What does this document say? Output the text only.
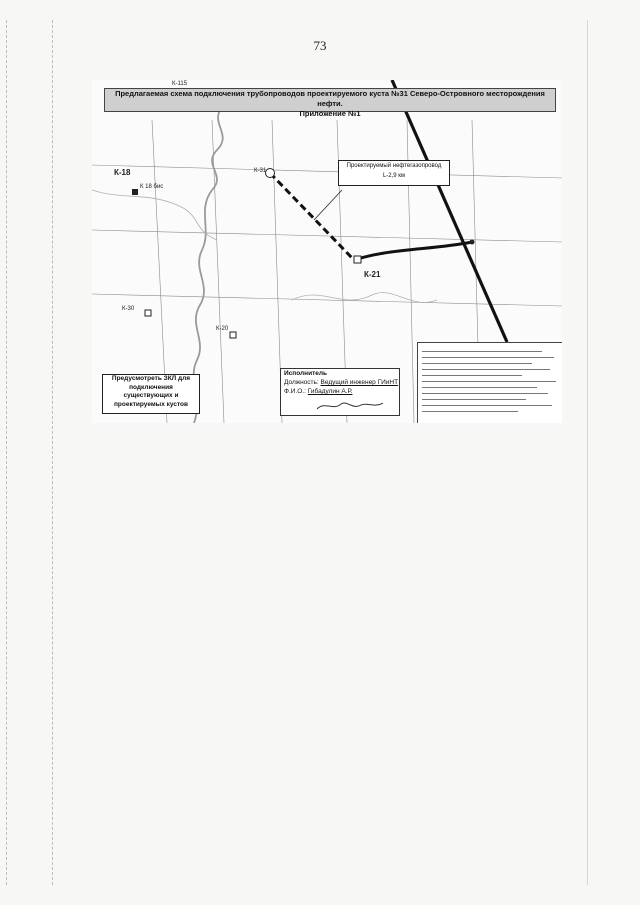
73
Предлагаемая схема подключения трубопроводов проектируемого куста №31 Северо-Островного месторождения нефти.
Приложение №1
Проектируемый нефтегазопровод
L-2,9 км
К-115
К-18
К 18 бис
К-31
К-21
К-30
К-20
Предусмотреть ЗКЛ для
подключения
существующих и
проектируемых кустов
Исполнитель
Должность: Ведущий инженер ГИиНТ
Ф.И.О.: Гибадулин А.Р.
